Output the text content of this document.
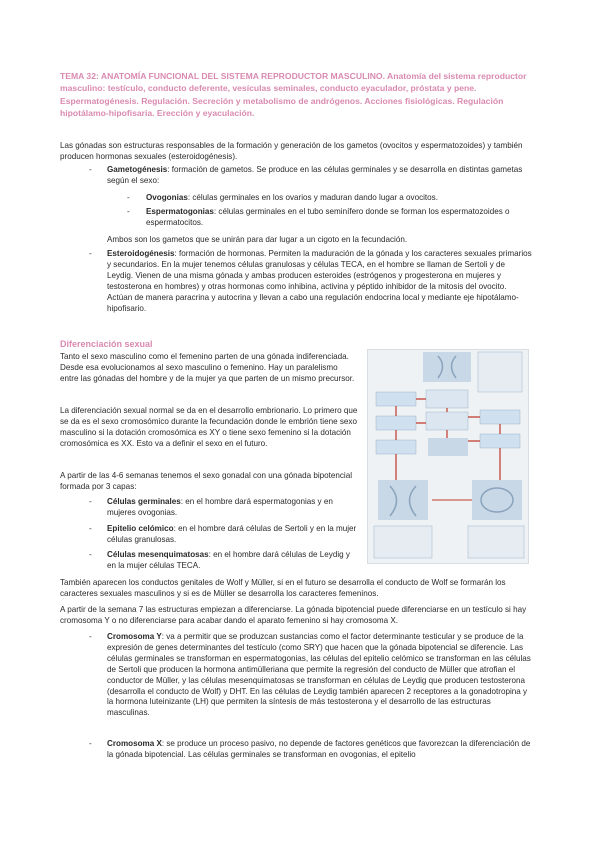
TEMA 32: ANATOMÍA FUNCIONAL DEL SISTEMA REPRODUCTOR MASCULINO. Anatomía del sistema reproductor masculino: testículo, conducto deferente, vesículas seminales, conducto eyaculador, próstata y pene. Espermatogénesis. Regulación. Secreción y metabolismo de andrógenos. Acciones fisiológicas. Regulación hipotálamo-hipofisaria. Erección y eyaculación.
Las gónadas son estructuras responsables de la formación y generación de los gametos (ovocitos y espermatozoides) y también producen hormonas sexuales (esteroidogénesis).
- Gametogénesis: formación de gametos. Se produce en las células germinales y se desarrolla en distintas gametas según el sexo:
- Ovogonias: células germinales en los ovarios y maduran dando lugar a ovocitos.
- Espermatogonias: células germinales en el tubo seminífero donde se forman los espermatozoides o espermatocitos.
Ambos son los gametos que se unirán para dar lugar a un cigoto en la fecundación.
- Esteroidogénesis: formación de hormonas. Permiten la maduración de la gónada y los caracteres sexuales primarios y secundarios. En la mujer tenemos células granulosas y células TECA, en el hombre se llaman de Sertoli y de Leydig. Vienen de una misma gónada y ambas producen esteroides (estrógenos y progesterona en mujeres y testosterona en hombres) y otras hormonas como inhibina, activina y péptido inhibidor de la mitosis del ovocito. Actúan de manera paracrina y autocrina y llevan a cabo una regulación endocrina local y mediante eje hipotálamo-hipofisario.
Diferenciación sexual
Tanto el sexo masculino como el femenino parten de una gónada indiferenciada. Desde esa evolucionamos al sexo masculino o femenino. Hay un paralelismo entre las gónadas del hombre y de la mujer ya que parten de un mismo precursor.
La diferenciación sexual normal se da en el desarrollo embrionario. Lo primero que se da es el sexo cromosómico durante la fecundación donde le embrión tiene sexo masculino si la dotación cromosómica es XY o tiene sexo femenino si la dotación cromosómica es XX. Esto va a definir el sexo en el futuro.
A partir de las 4-6 semanas tenemos el sexo gonadal con una gónada bipotencial formada por 3 capas:
- Células germinales: en el hombre dará espermatogonias y en mujeres ovogonias.
- Epitelio celómico: en el hombre dará células de Sertoli y en la mujer células granulosas.
- Células mesenquimatosas: en el hombre dará células de Leydig y en la mujer células TECA.
También aparecen los conductos genitales de Wolf y Müller, si en el futuro se desarrolla el conducto de Wolf se formarán los caracteres sexuales masculinos y si es de Müller se desarrolla los caracteres femeninos.
A partir de la semana 7 las estructuras empiezan a diferenciarse. La gónada bipotencial puede diferenciarse en un testículo si hay cromosoma Y o no diferenciarse para acabar dando el aparato femenino si hay cromosoma X.
- Cromosoma Y: va a permitir que se produzcan sustancias como el factor determinante testicular y se produce de la expresión de genes determinantes del testículo (como SRY) que hacen que la gónada bipotencial se diferencie. Las células germinales se transforman en espermatogonias, las células del epitelio celómico se transforman en las células de Sertoli que producen la hormona antimülleriana que permite la regresión del conducto de Müller que atrofian el conductor de Müller, y las células mesenquimatosas se transforman en células de Leydig que producen testosterona (desarrolla el conducto de Wolf) y DHT. En las células de Leydig también aparecen 2 receptores a la gonadotropina y la hormona luteinizante (LH) que permiten la síntesis de más testosterona y el desarrollo de las estructuras masculinas.
- Cromosoma X: se produce un proceso pasivo, no depende de factores genéticos que favorezcan la diferenciación de la gónada bipotencial. Las células germinales se transforman en ovogonias, el epitelio
